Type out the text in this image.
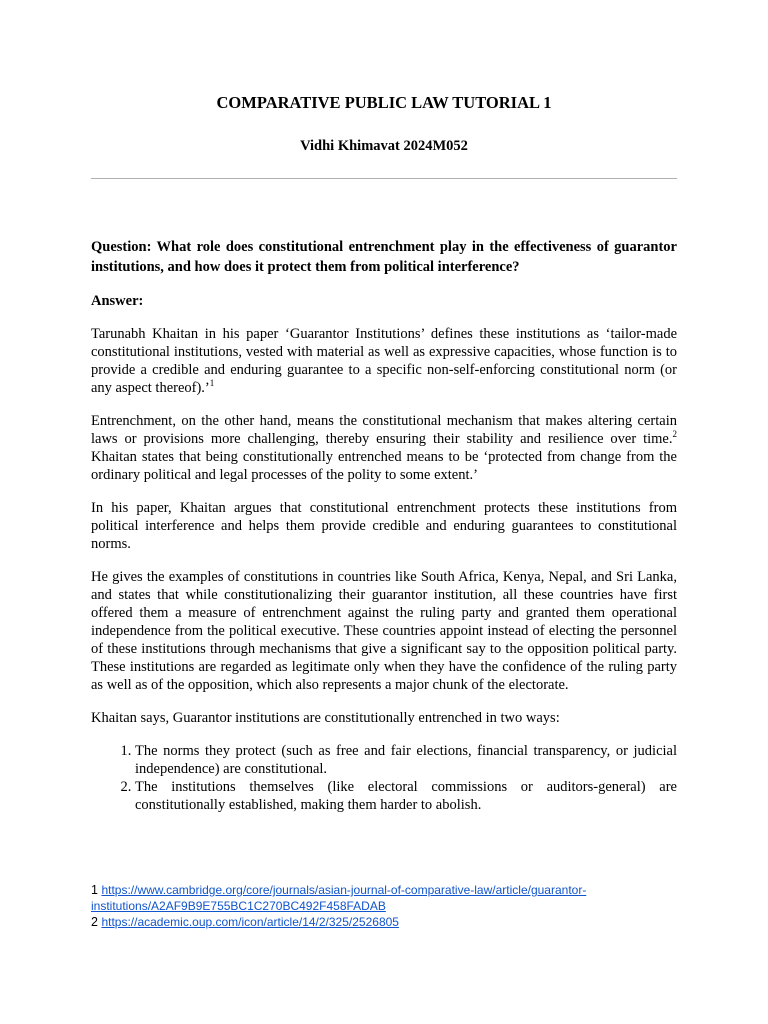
COMPARATIVE PUBLIC LAW TUTORIAL 1
Vidhi Khimavat 2024M052

Question: What role does constitutional entrenchment play in the effectiveness of guarantor institutions, and how does it protect them from political interference?

Answer:

Tarunabh Khaitan in his paper ‘Guarantor Institutions’ defines these institutions as ‘tailor-made constitutional institutions, vested with material as well as expressive capacities, whose function is to provide a credible and enduring guarantee to a specific non-self-enforcing constitutional norm (or any aspect thereof).’$^1$

Entrenchment, on the other hand, means the constitutional mechanism that makes altering certain laws or provisions more challenging, thereby ensuring their stability and resilience over time.$^2$ Khaitan states that being constitutionally entrenched means to be ‘protected from change from the ordinary political and legal processes of the polity to some extent.’

In his paper, Khaitan argues that constitutional entrenchment protects these institutions from political interference and helps them provide credible and enduring guarantees to constitutional norms.

He gives the examples of constitutions in countries like South Africa, Kenya, Nepal, and Sri Lanka, and states that while constitutionalizing their guarantor institution, all these countries have first offered them a measure of entrenchment against the ruling party and granted them operational independence from the political executive. These countries appoint instead of electing the personnel of these institutions through mechanisms that give a significant say to the opposition political party. These institutions are regarded as legitimate only when they have the confidence of the ruling party as well as of the opposition, which also represents a major chunk of the electorate.

Khaitan says, Guarantor institutions are constitutionally entrenched in two ways:

1. The norms they protect (such as free and fair elections, financial transparency, or judicial independence) are constitutional.
2. The institutions themselves (like electoral commissions or auditors-general) are constitutionally established, making them harder to abolish.
1 https://www.cambridge.org/core/journals/asian-journal-of-comparative-law/article/guarantor-institutions/A2AF9B9E755BC1C270BC492F458FADAB
2 https://academic.oup.com/icon/article/14/2/325/2526805
